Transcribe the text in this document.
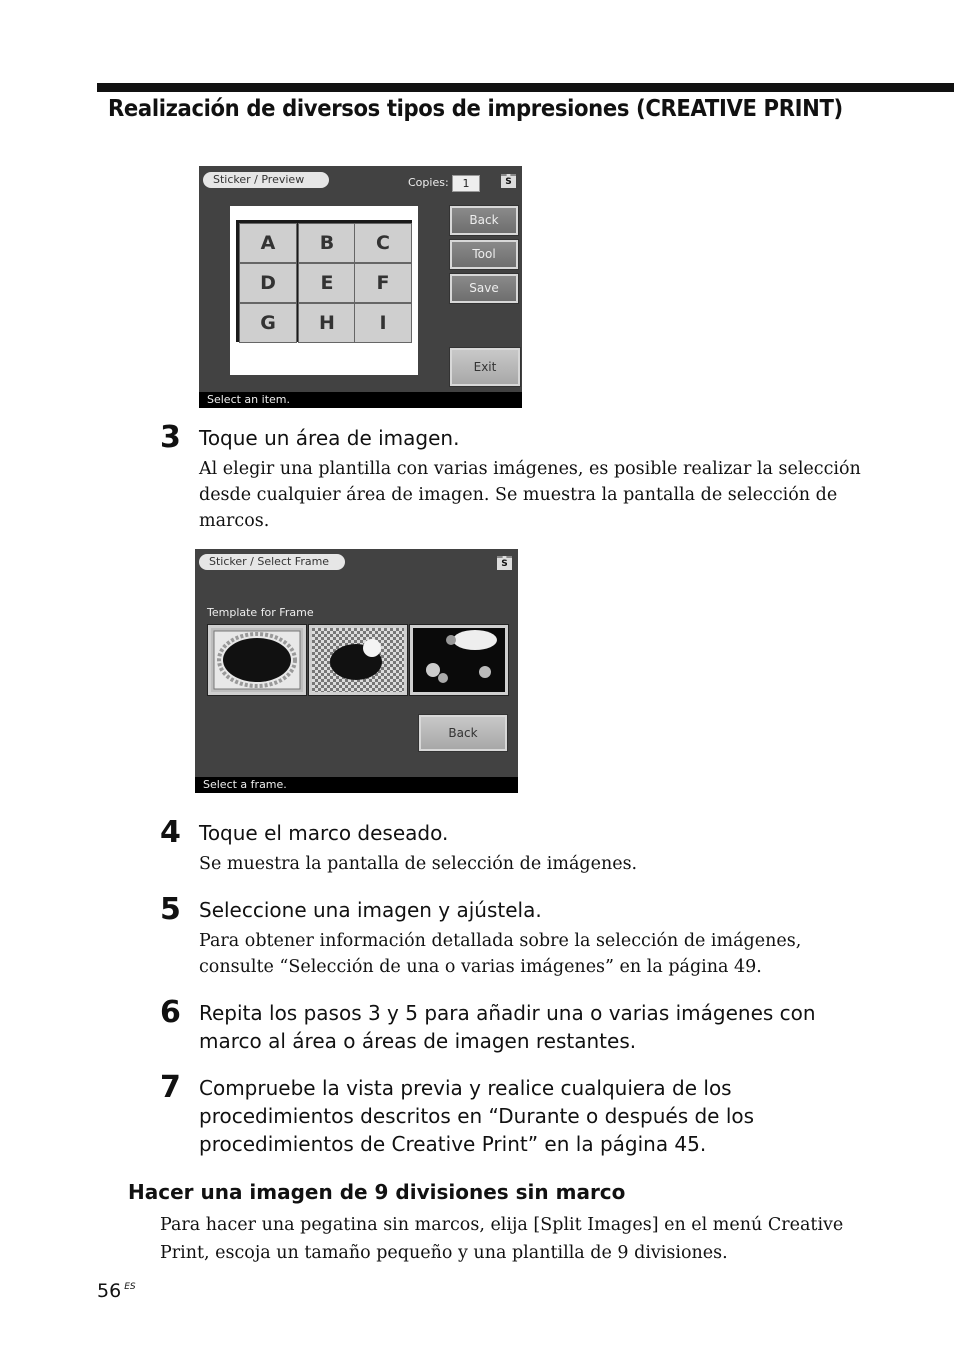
Realización de diversos tipos de impresiones (CREATIVE PRINT)
Sticker / Preview	Copies:	1	S
A	B	C
D	E	F
G	H	I
Back
Tool
Save
Exit
Select an item.
3 Toque un área de imagen.
Al elegir una plantilla con varias imágenes, es posible realizar la selección
desde cualquier área de imagen. Se muestra la pantalla de selección de
marcos.
Sticker / Select Frame	S
Template for Frame
Back
Select a frame.
4 Toque el marco deseado.
Se muestra la pantalla de selección de imágenes.
5 Seleccione una imagen y ajústela.
Para obtener información detallada sobre la selección de imágenes,
consulte “Selección de una o varias imágenes” en la página 49.
6 Repita los pasos 3 y 5 para añadir una o varias imágenes con
marco al área o áreas de imagen restantes.
7 Compruebe la vista previa y realice cualquiera de los
procedimientos descritos en “Durante o después de los
procedimientos de Creative Print” en la página 45.
Hacer una imagen de 9 divisiones sin marco
Para hacer una pegatina sin marcos, elija [Split Images] en el menú Creative
Print, escoja un tamaño pequeño y una plantilla de 9 divisiones.
56 $^{ES}$
